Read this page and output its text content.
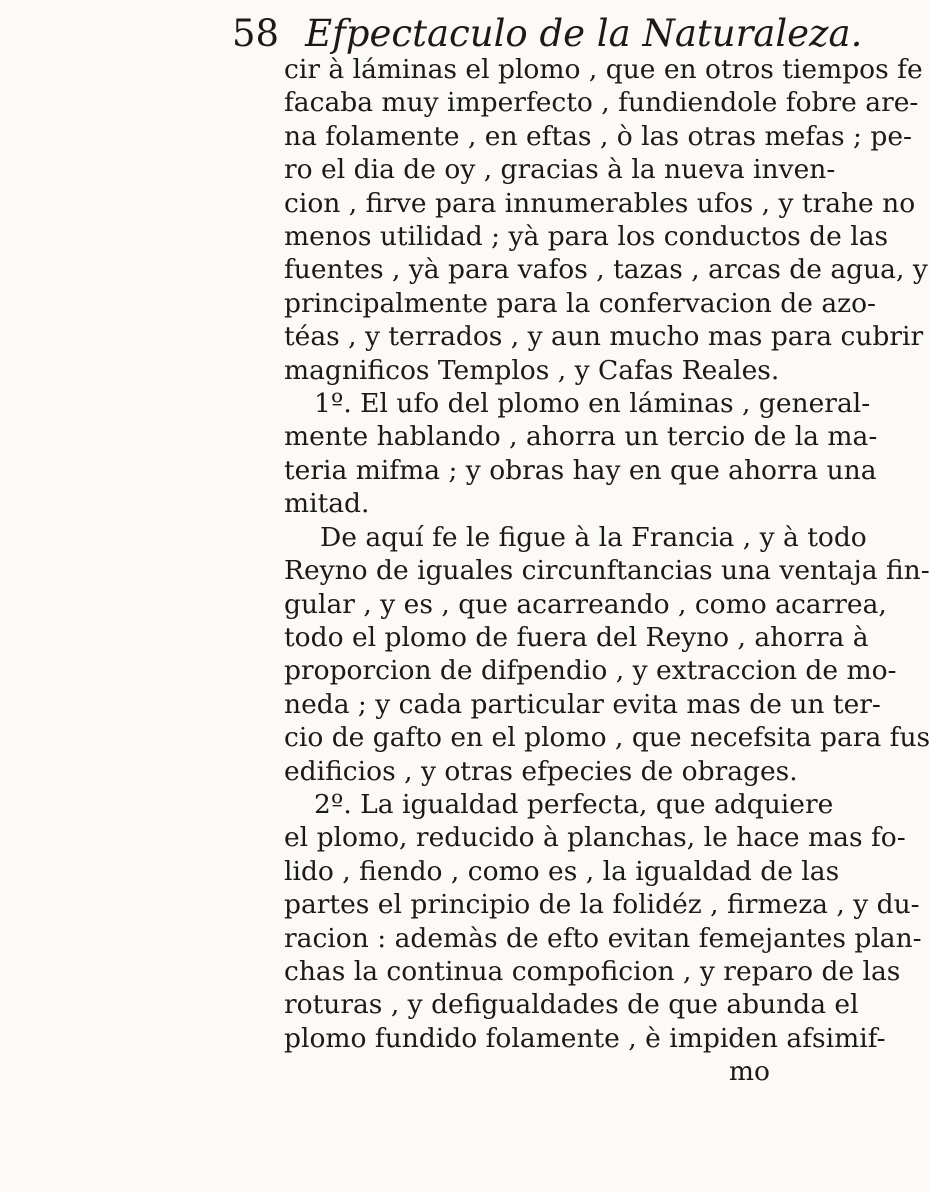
58 Efpectaculo de la Naturaleza.
cir à láminas el plomo , que en otros tiempos fe
facaba muy imperfecto , fundiendole fobre are-
na folamente , en eftas , ò las otras mefas ; pe-
ro el dia de oy , gracias à la nueva inven-
cion , firve para innumerables ufos , y trahe no
menos utilidad ; yà para los conductos de las
fuentes , yà para vafos , tazas , arcas de agua, y
principalmente para la confervacion de azo-
téas , y terrados , y aun mucho mas para cubrir
magnificos Templos , y Cafas Reales.
1º. El ufo del plomo en láminas , general-
mente hablando , ahorra un tercio de la ma-
teria mifma ; y obras hay en que ahorra una
mitad.
De aquí fe le figue à la Francia , y à todo
Reyno de iguales circunftancias una ventaja fin-
gular , y es , que acarreando , como acarrea,
todo el plomo de fuera del Reyno , ahorra à
proporcion de difpendio , y extraccion de mo-
neda ; y cada particular evita mas de un ter-
cio de gafto en el plomo , que necefsita para fus
edificios , y otras efpecies de obrages.
2º. La igualdad perfecta, que adquiere
el plomo, reducido à planchas, le hace mas fo-
lido , fiendo , como es , la igualdad de las
partes el principio de la folidéz , firmeza , y du-
racion : ademàs de efto evitan femejantes plan-
chas la continua compoficion , y reparo de las
roturas , y defigualdades de que abunda el
plomo fundido folamente , è impiden afsimif-
mo
